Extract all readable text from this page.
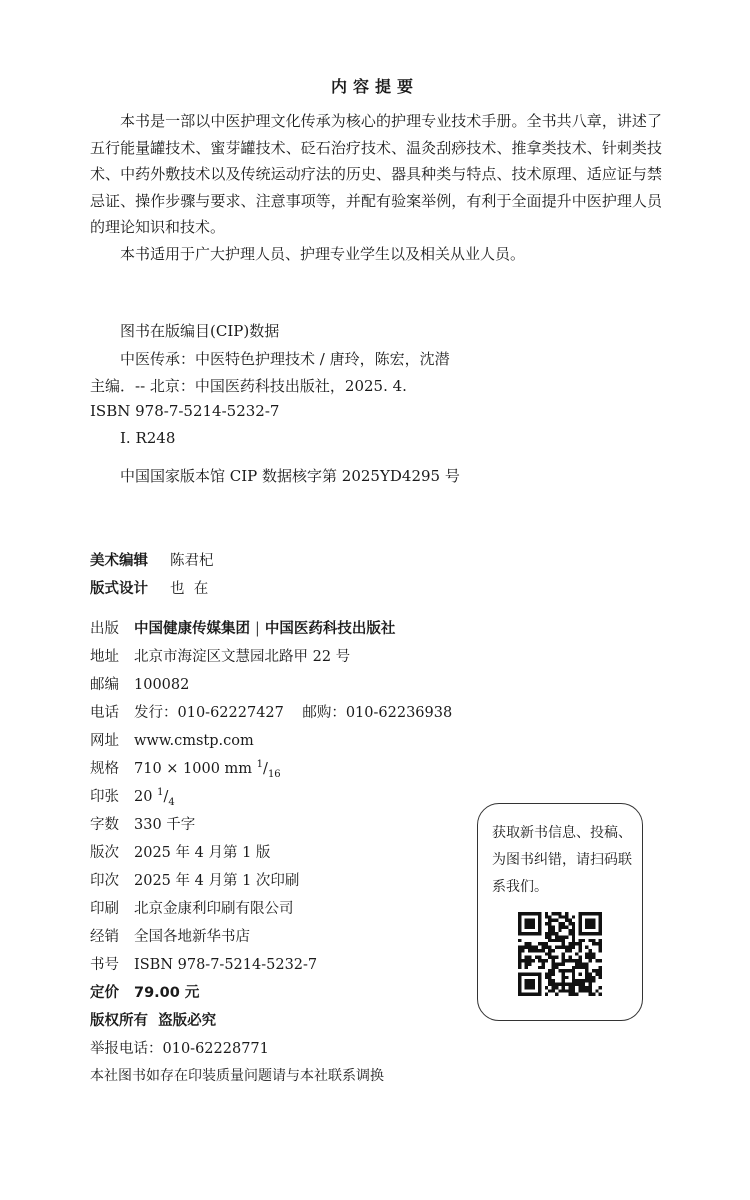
内容提要

本书是一部以中医护理文化传承为核心的护理专业技术手册。全书共八章，讲述了五行能量罐技术、蜜芽罐技术、砭石治疗技术、温灸刮痧技术、推拿类技术、针刺类技术、中药外敷技术以及传统运动疗法的历史、器具种类与特点、技术原理、适应证与禁忌证、操作步骤与要求、注意事项等，并配有验案举例，有利于全面提升中医护理人员的理论知识和技术。

本书适用于广大护理人员、护理专业学生以及相关从业人员。

图书在版编目(CIP)数据
中医传承：中医特色护理技术 / 唐玲，陈宏，沈潜
主编．-- 北京：中国医药科技出版社，2025. 4.
ISBN 978-7-5214-5232-7
Ⅰ. R248
中国国家版本馆 CIP 数据核字第 2025YD4295 号
美术编辑 陈君杞
版式设计 也  在
出版 中国健康传媒集团 | 中国医药科技出版社
地址 北京市海淀区文慧园北路甲 22 号
邮编 100082
电话 发行：010-62227427    邮购：010-62236938
网址 www.cmstp.com
规格 710 × 1000 mm $^1/_{16}$
印张 20 $^1/_4$
字数 330 千字
版次 2025 年 4 月第 1 版
印次 2025 年 4 月第 1 次印刷
印刷 北京金康利印刷有限公司
经销 全国各地新华书店
书号 ISBN 978-7-5214-5232-7
定价 79.00 元
版权所有  盗版必究
举报电话：010-62228771
本社图书如存在印装质量问题请与本社联系调换
获取新书信息、投稿、为图书纠错，请扫码联系我们。
